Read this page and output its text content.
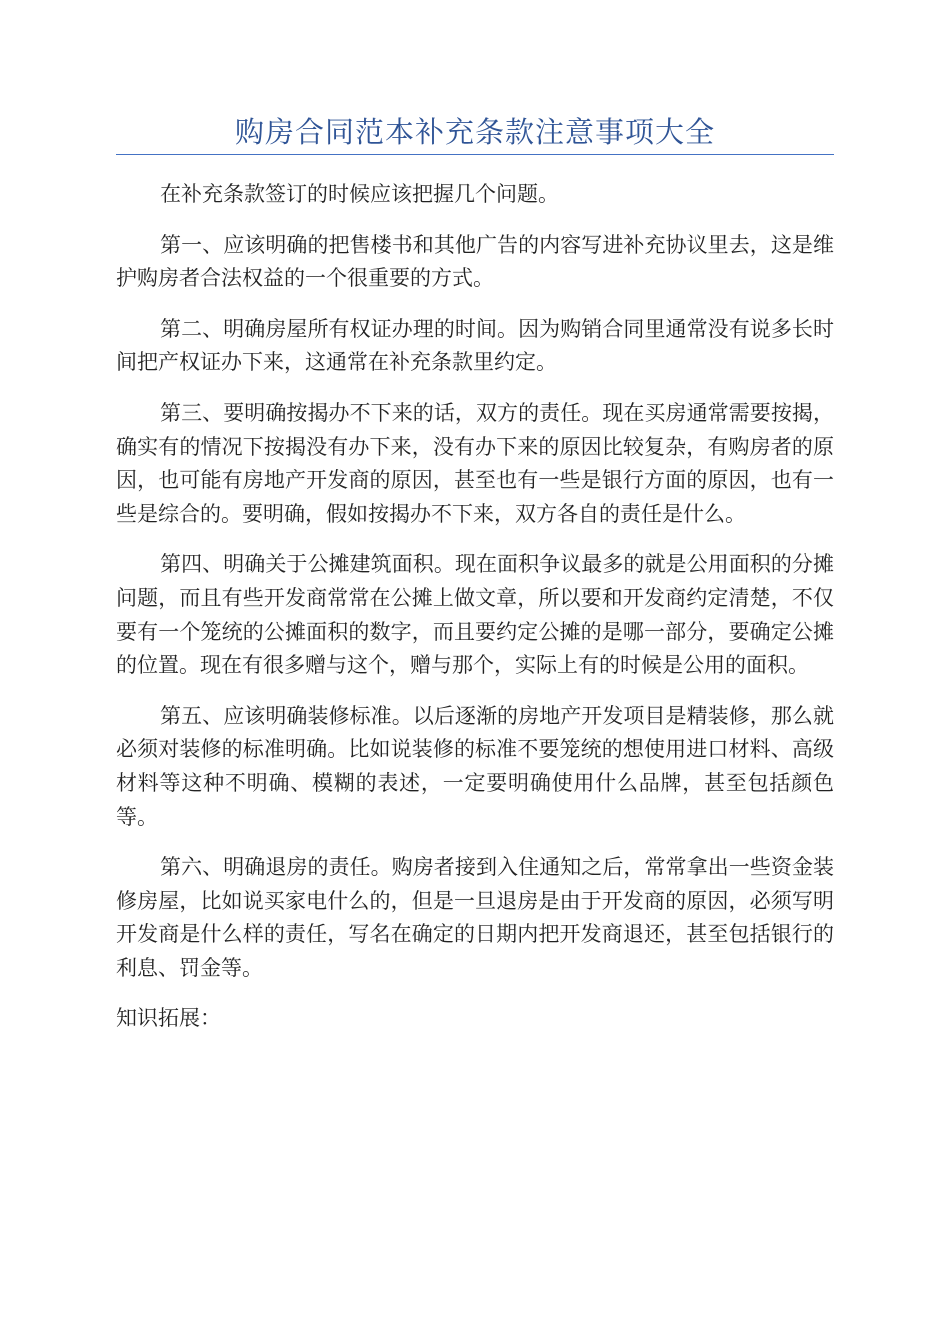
购房合同范本补充条款注意事项大全

在补充条款签订的时候应该把握几个问题。

第一、应该明确的把售楼书和其他广告的内容写进补充协议里去，这是维护购房者合法权益的一个很重要的方式。

第二、明确房屋所有权证办理的时间。因为购销合同里通常没有说多长时间把产权证办下来，这通常在补充条款里约定。

第三、要明确按揭办不下来的话，双方的责任。现在买房通常需要按揭，确实有的情况下按揭没有办下来，没有办下来的原因比较复杂，有购房者的原因，也可能有房地产开发商的原因，甚至也有一些是银行方面的原因，也有一些是综合的。要明确，假如按揭办不下来，双方各自的责任是什么。

第四、明确关于公摊建筑面积。现在面积争议最多的就是公用面积的分摊问题，而且有些开发商常常在公摊上做文章，所以要和开发商约定清楚，不仅要有一个笼统的公摊面积的数字，而且要约定公摊的是哪一部分，要确定公摊的位置。现在有很多赠与这个，赠与那个，实际上有的时候是公用的面积。

第五、应该明确装修标准。以后逐渐的房地产开发项目是精装修，那么就必须对装修的标准明确。比如说装修的标准不要笼统的想使用进口材料、高级材料等这种不明确、模糊的表述，一定要明确使用什么品牌，甚至包括颜色等。

第六、明确退房的责任。购房者接到入住通知之后，常常拿出一些资金装修房屋，比如说买家电什么的，但是一旦退房是由于开发商的原因，必须写明开发商是什么样的责任，写名在确定的日期内把开发商退还，甚至包括银行的利息、罚金等。

知识拓展：
